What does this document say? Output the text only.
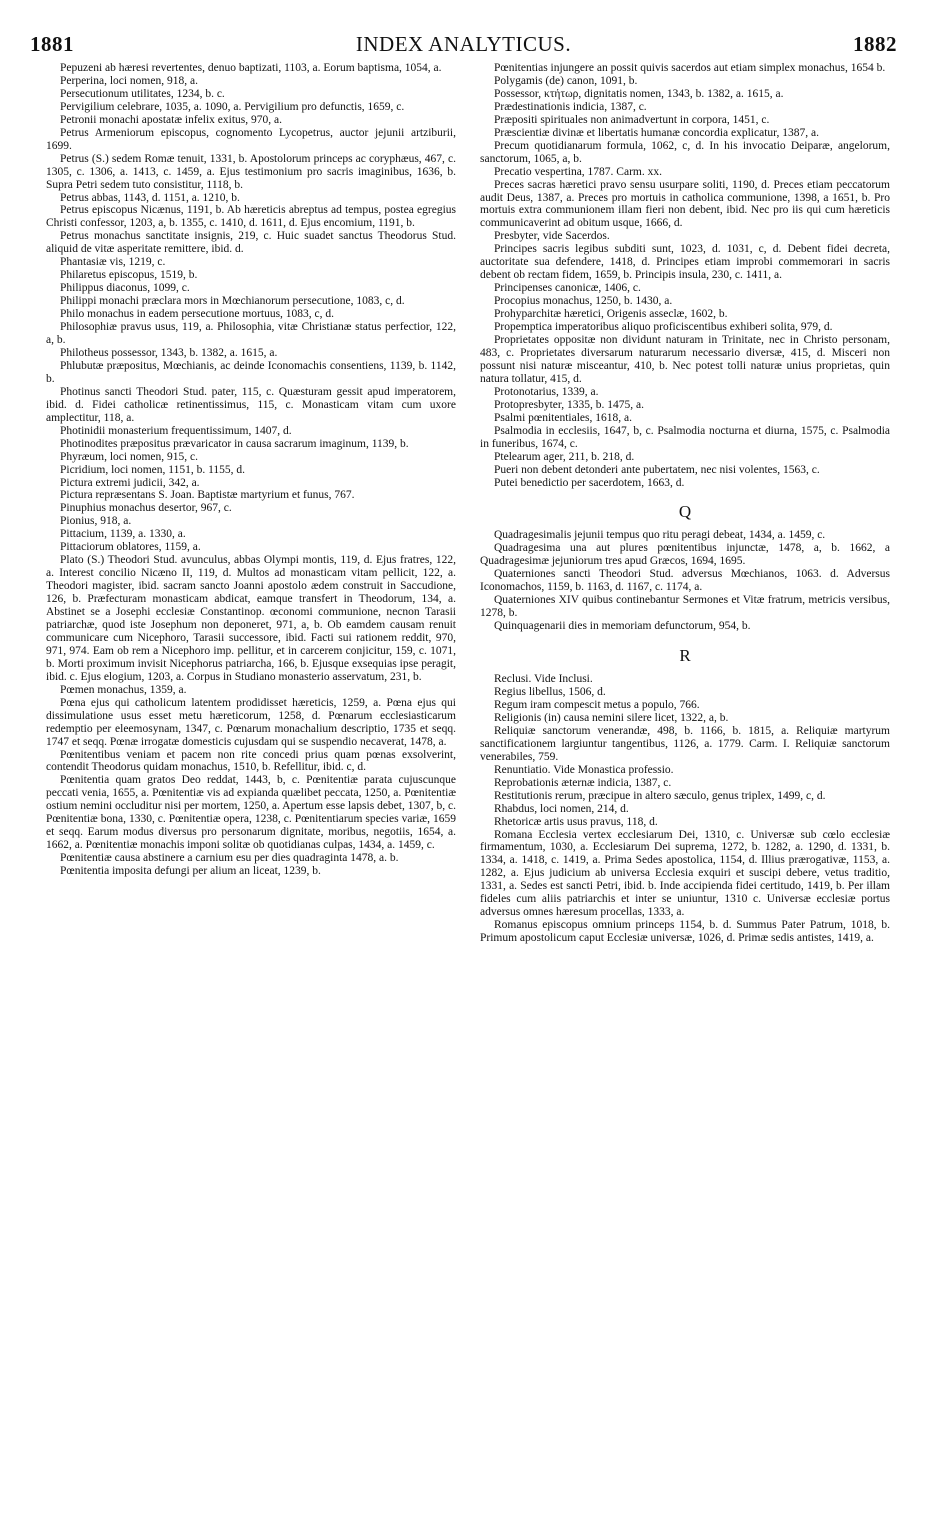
1881	INDEX ANALYTICUS.	1882

Pepuzeni ab hæresi revertentes, denuo baptizati, 1103, a. Eorum baptisma, 1054, a.

Perperina, loci nomen, 918, a.

Persecutionum utilitates, 1234, b. c.

Pervigilium celebrare, 1035, a. 1090, a. Pervigilium pro defunctis, 1659, c.

Petronii monachi apostatæ infelix exitus, 970, a.

Petrus Armeniorum episcopus, cognomento Lycopetrus, auctor jejunii artziburii, 1699.

Petrus (S.) sedem Romæ tenuit, 1331, b. Apostolorum princeps ac coryphæus, 467, c. 1305, c. 1306, a. 1413, c. 1459, a. Ejus testimonium pro sacris imaginibus, 1636, b. Supra Petri sedem tuto consistitur, 1118, b.

Petrus abbas, 1143, d. 1151, a. 1210, b.

Petrus episcopus Nicænus, 1191, b. Ab hæreticis abreptus ad tempus, postea egregius Christi confessor, 1203, a, b. 1355, c. 1410, d. 1611, d. Ejus encomium, 1191, b.

Petrus monachus sanctitate insignis, 219, c. Huic suadet sanctus Theodorus Stud. aliquid de vitæ asperitate remittere, ibid. d.

Phantasiæ vis, 1219, c.

Philaretus episcopus, 1519, b.

Philippus diaconus, 1099, c.

Philippi monachi præclara mors in Mœchianorum persecutione, 1083, c, d.

Philo monachus in eadem persecutione mortuus, 1083, c, d.

Philosophiæ pravus usus, 119, a. Philosophia, vitæ Christianæ status perfectior, 122, a, b.

Philotheus possessor, 1343, b. 1382, a. 1615, a.

Phlubutæ præpositus, Mœchianis, ac deinde Iconomachis consentiens, 1139, b. 1142, b.

Photinus sancti Theodori Stud. pater, 115, c. Quæsturam gessit apud imperatorem, ibid. d. Fidei catholicæ retinentissimus, 115, c. Monasticam vitam cum uxore amplectitur, 118, a.

Photinidii monasterium frequentissimum, 1407, d.

Photinodites præpositus prævaricator in causa sacrarum imaginum, 1139, b.

Phyræum, loci nomen, 915, c.

Picridium, loci nomen, 1151, b. 1155, d.

Pictura extremi judicii, 342, a.

Pictura repræsentans S. Joan. Baptistæ martyrium et funus, 767.

Pinuphius monachus desertor, 967, c.

Pionius, 918, a.

Pittacium, 1139, a. 1330, a.

Pittaciorum oblatores, 1159, a.

Plato (S.) Theodori Stud. avunculus, abbas Olympi montis, 119, d. Ejus fratres, 122, a. Interest concilio Nicæno II, 119, d. Multos ad monasticam vitam pellicit, 122, a. Theodori magister, ibid. sacram sancto Joanni apostolo ædem construit in Saccudione, 126, b. Præfecturam monasticam abdicat, eamque transfert in Theodorum, 134, a. Abstinet se a Josephi ecclesiæ Constantinop. œconomi communione, necnon Tarasii patriarchæ, quod iste Josephum non deponeret, 971, a, b. Ob eamdem causam renuit communicare cum Nicephoro, Tarasii successore, ibid. Facti sui rationem reddit, 970, 971, 974. Eam ob rem a Nicephoro imp. pellitur, et in carcerem conjicitur, 159, c. 1071, b. Morti proximum invisit Nicephorus patriarcha, 166, b. Ejusque exsequias ipse peragit, ibid. c. Ejus elogium, 1203, a. Corpus in Studiano monasterio asservatum, 231, b.

Pœmen monachus, 1359, a.

Pœna ejus qui catholicum latentem prodidisset hæreticis, 1259, a. Pœna ejus qui dissimulatione usus esset metu hæreticorum, 1258, d. Pœnarum ecclesiasticarum redemptio per eleemosynam, 1347, c. Pœnarum monachalium descriptio, 1735 et seqq. 1747 et seqq. Pœnæ irrogatæ domesticis cujusdam qui se suspendio necaverat, 1478, a.

Pœnitentibus veniam et pacem non rite concedi prius quam pœnas exsolverint, contendit Theodorus quidam monachus, 1510, b. Refellitur, ibid. c, d.

Pœnitentia quam gratos Deo reddat, 1443, b, c. Pœnitentiæ parata cujuscunque peccati venia, 1655, a. Pœnitentiæ vis ad expianda quælibet peccata, 1250, a. Pœnitentiæ ostium nemini occluditur nisi per mortem, 1250, a. Apertum esse lapsis debet, 1307, b, c. Pœnitentiæ bona, 1330, c. Pœnitentiæ opera, 1238, c. Pœnitentiarum species variæ, 1659 et seqq. Earum modus diversus pro personarum dignitate, moribus, negotiis, 1654, a. 1662, a. Pœnitentiæ monachis imponi solitæ ob quotidianas culpas, 1434, a. 1459, c.

Pœnitentiæ causa abstinere a carnium esu per dies quadraginta 1478, a. b.

Pœnitentia imposita defungi per alium an liceat, 1239, b.

Pœnitentias injungere an possit quivis sacerdos aut etiam simplex monachus, 1654 b.

Polygamis (de) canon, 1091, b.

Possessor, κτήτωρ, dignitatis nomen, 1343, b. 1382, a. 1615, a.

Prædestinationis indicia, 1387, c.

Præpositi spirituales non animadvertunt in corpora, 1451, c.

Præscientiæ divinæ et libertatis humanæ concordia explicatur, 1387, a.

Precum quotidianarum formula, 1062, c, d. In his invocatio Deiparæ, angelorum, sanctorum, 1065, a, b.

Precatio vespertina, 1787. Carm. xx.

Preces sacras hæretici pravo sensu usurpare soliti, 1190, d. Preces etiam peccatorum audit Deus, 1387, a. Preces pro mortuis in catholica communione, 1398, a 1651, b. Pro mortuis extra communionem illam fieri non debent, ibid. Nec pro iis qui cum hæreticis communicaverint ad obitum usque, 1666, d.

Presbyter, vide Sacerdos.

Principes sacris legibus subditi sunt, 1023, d. 1031, c, d. Debent fidei decreta, auctoritate sua defendere, 1418, d. Principes etiam improbi commemorari in sacris debent ob rectam fidem, 1659, b. Principis insula, 230, c. 1411, a.

Principenses canonicæ, 1406, c.

Procopius monachus, 1250, b. 1430, a.

Prohyparchitæ hæretici, Origenis asseclæ, 1602, b.

Propemptica imperatoribus aliquo proficiscentibus exhiberi solita, 979, d.

Proprietates oppositæ non dividunt naturam in Trinitate, nec in Christo personam, 483, c. Proprietates diversarum naturarum necessario diversæ, 415, d. Misceri non possunt nisi naturæ misceantur, 410, b. Nec potest tolli naturæ unius proprietas, quin natura tollatur, 415, d.

Protonotarius, 1339, a.

Protopresbyter, 1335, b. 1475, a.

Psalmi pœnitentiales, 1618, a.

Psalmodia in ecclesiis, 1647, b, c. Psalmodia nocturna et diurna, 1575, c. Psalmodia in funeribus, 1674, c.

Ptelearum ager, 211, b. 218, d.

Pueri non debent detonderi ante pubertatem, nec nisi volentes, 1563, c.

Putei benedictio per sacerdotem, 1663, d.

Q

Quadragesimalis jejunii tempus quo ritu peragi debeat, 1434, a. 1459, c.

Quadragesima una aut plures pœnitentibus injunctæ, 1478, a, b. 1662, a Quadragesimæ jejuniorum tres apud Græcos, 1694, 1695.

Quaterniones sancti Theodori Stud. adversus Mœchianos, 1063. d. Adversus Iconomachos, 1159, b. 1163, d. 1167, c. 1174, a.

Quaterniones XIV quibus continebantur Sermones et Vitæ fratrum, metricis versibus, 1278, b.

Quinquagenarii dies in memoriam defunctorum, 954, b.

R

Reclusi. Vide Inclusi.

Regius libellus, 1506, d.

Regum iram compescit metus a populo, 766.

Religionis (in) causa nemini silere licet, 1322, a, b.

Reliquiæ sanctorum venerandæ, 498, b. 1166, b. 1815, a. Reliquiæ martyrum sanctificationem largiuntur tangentibus, 1126, a. 1779. Carm. I. Reliquiæ sanctorum venerabiles, 759.

Renuntiatio. Vide Monastica professio.

Reprobationis æternæ indicia, 1387, c.

Restitutionis rerum, præcipue in altero sæculo, genus triplex, 1499, c, d.

Rhabdus, loci nomen, 214, d.

Rhetoricæ artis usus pravus, 118, d.

Romana Ecclesia vertex ecclesiarum Dei, 1310, c. Universæ sub cœlo ecclesiæ firmamentum, 1030, a. Ecclesiarum Dei suprema, 1272, b. 1282, a. 1290, d. 1331, b. 1334, a. 1418, c. 1419, a. Prima Sedes apostolica, 1154, d. Illius prærogativæ, 1153, a. 1282, a. Ejus judicium ab universa Ecclesia exquiri et suscipi debere, vetus traditio, 1331, a. Sedes est sancti Petri, ibid. b. Inde accipienda fidei certitudo, 1419, b. Per illam fideles cum aliis patriarchis et inter se uniuntur, 1310 c. Universæ ecclesiæ portus adversus omnes hæresum procellas, 1333, a.

Romanus episcopus omnium princeps 1154, b. d. Summus Pater Patrum, 1018, b. Primum apostolicum caput Ecclesiæ universæ, 1026, d. Primæ sedis antistes, 1419, a.
